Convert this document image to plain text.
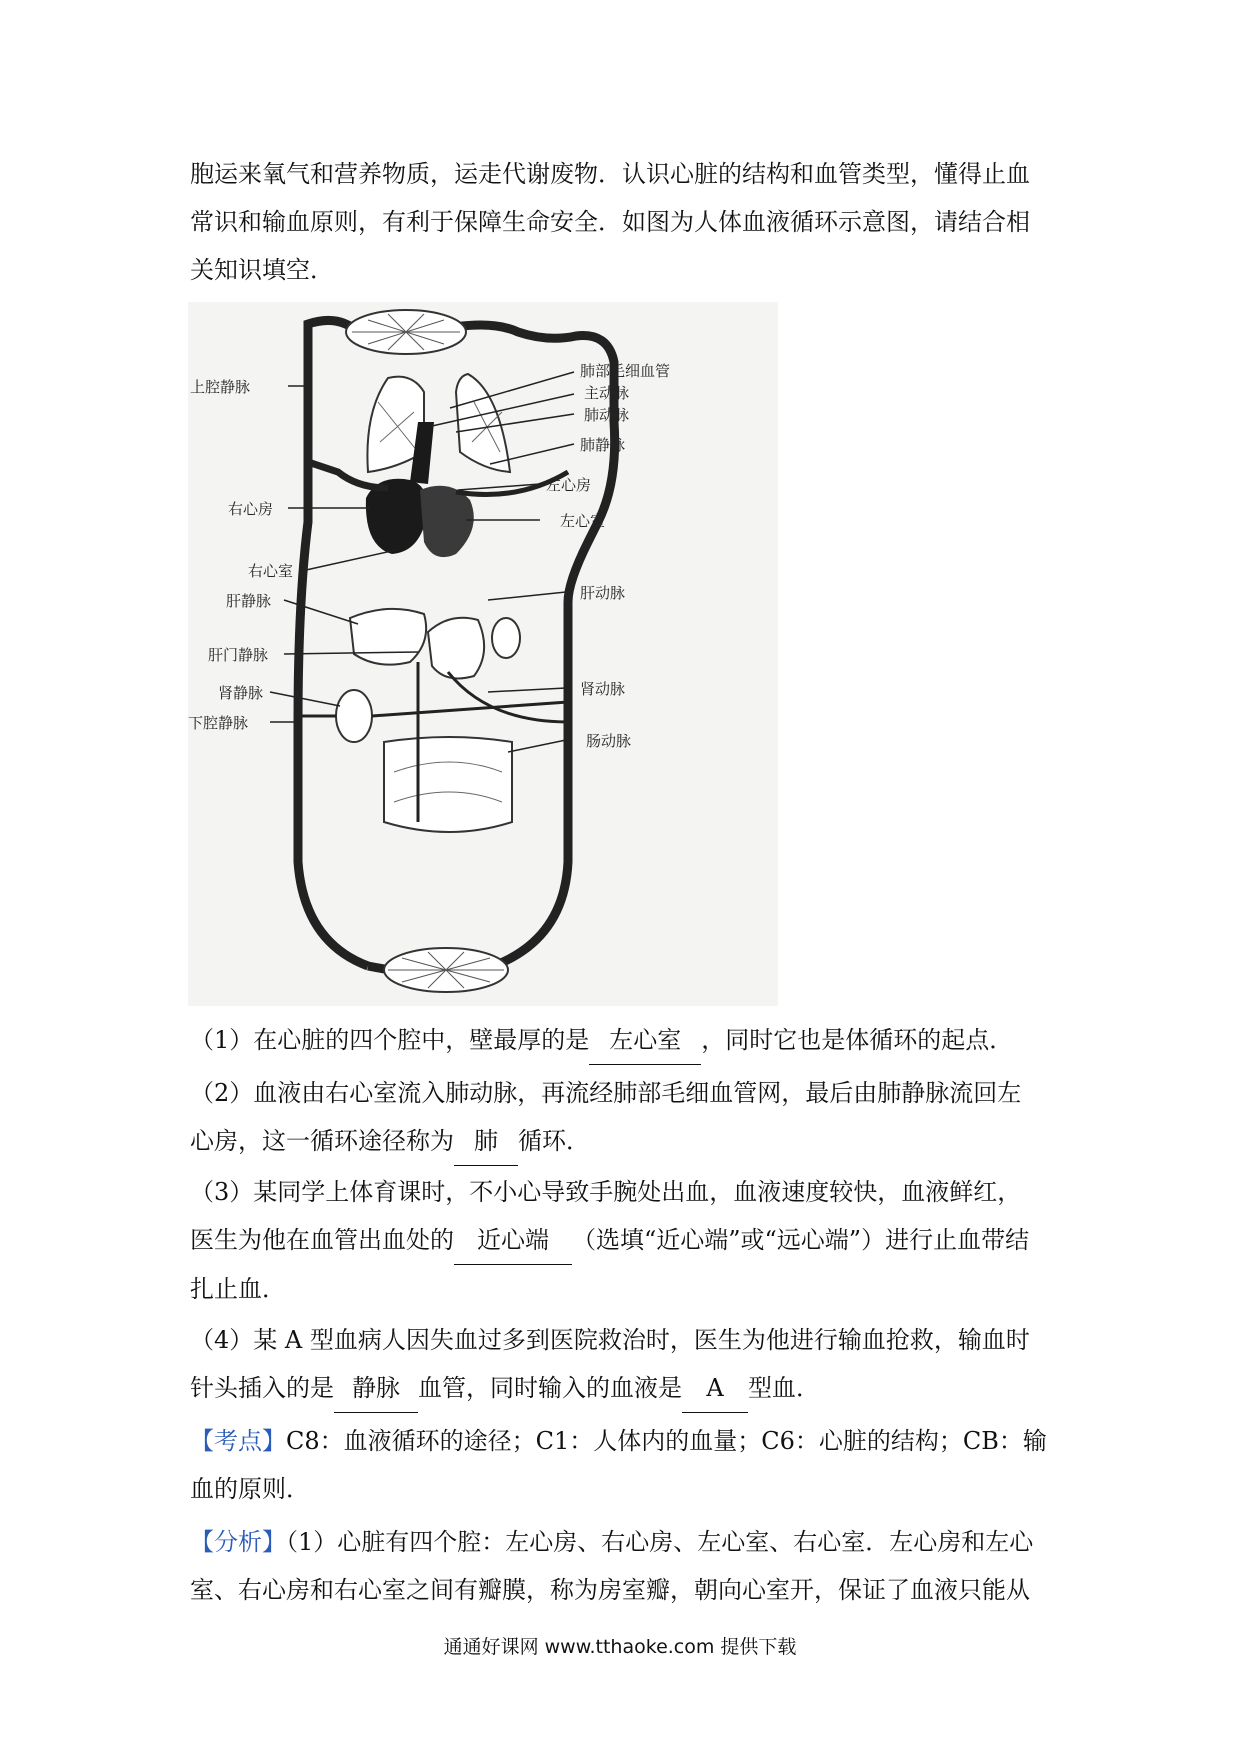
胞运来氧气和营养物质，运走代谢废物．认识心脏的结构和血管类型，懂得止血
常识和输血原则，有利于保障生命安全．如图为人体血液循环示意图，请结合相
关知识填空．
上腔静脉
右心房
右心室
肝静脉
肝门静脉
肾静脉
下腔静脉
肺部毛细血管
主动脉
肺动脉
肺静脉
左心房
左心室
肝动脉
肾动脉
肠动脉
（1）在心脏的四个腔中，壁最厚的是 左心室 ，同时它也是体循环的起点．
（2）血液由右心室流入肺动脉，再流经肺部毛细血管网，最后由肺静脉流回左
心房，这一循环途径称为 肺 循环．
（3）某同学上体育课时，不小心导致手腕处出血，血液速度较快，血液鲜红，
医生为他在血管出血处的 近心端 （选填“近心端”或“远心端”）进行止血带结
扎止血．
（4）某 A 型血病人因失血过多到医院救治时，医生为他进行输血抢救，输血时
针头插入的是 静脉 血管，同时输入的血液是 A 型血．
【考点】C8：血液循环的途径；C1：人体内的血量；C6：心脏的结构；CB：输
血的原则．
【分析】（1）心脏有四个腔：左心房、右心房、左心室、右心室．左心房和左心
室、右心房和右心室之间有瓣膜，称为房室瓣，朝向心室开，保证了血液只能从
通通好课网 www.tthaoke.com 提供下载
